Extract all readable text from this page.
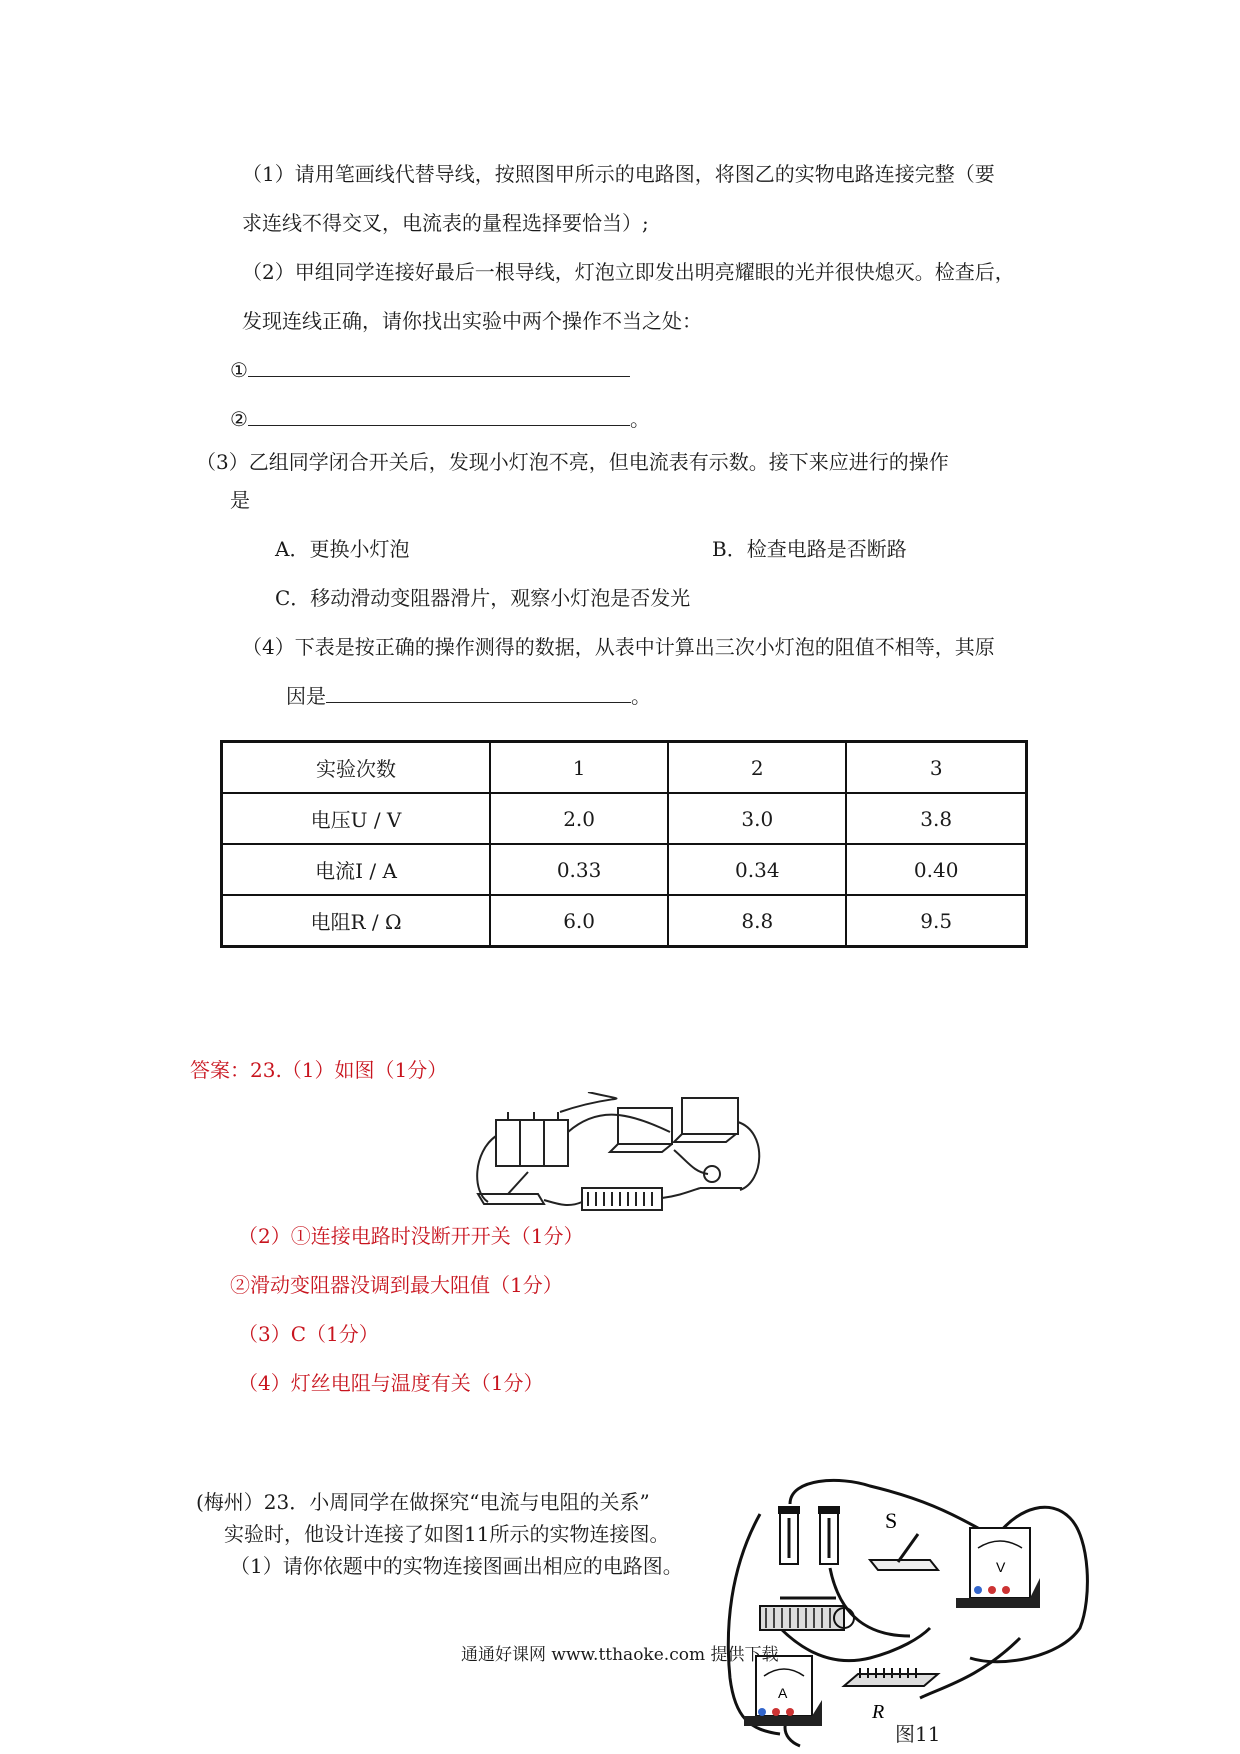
（1）请用笔画线代替导线，按照图甲所示的电路图，将图乙的实物电路连接完整（要
求连线不得交叉，电流表的量程选择要恰当）;
（2）甲组同学连接好最后一根导线，灯泡立即发出明亮耀眼的光并很快熄灭。检查后，
发现连线正确，请你找出实验中两个操作不当之处：
①
②	。
（3）乙组同学闭合开关后，发现小灯泡不亮，但电流表有示数。接下来应进行的操作
是
A．更换小灯泡	B．检查电路是否断路
C．移动滑动变阻器滑片，观察小灯泡是否发光
（4）下表是按正确的操作测得的数据，从表中计算出三次小灯泡的阻值不相等，其原
因是	。
实验次数	1	2	3
电压U / V	2.0	3.0	3.8
电流I / A	0.33	0.34	0.40
电阻R / Ω	6.0	8.8	9.5
答案：23.（1）如图（1分）
（2）①连接电路时没断开开关（1分）
②滑动变阻器没调到最大阻值（1分）
（3）C（1分）
（4）灯丝电阻与温度有关（1分）
(梅州）23．小周同学在做探究“电流与电阻的关系”
实验时，他设计连接了如图11所示的实物连接图。
（1）请你依题中的实物连接图画出相应的电路图。
S
V
R
A
图11
通通好课网 www.tthaoke.com 提供下载
